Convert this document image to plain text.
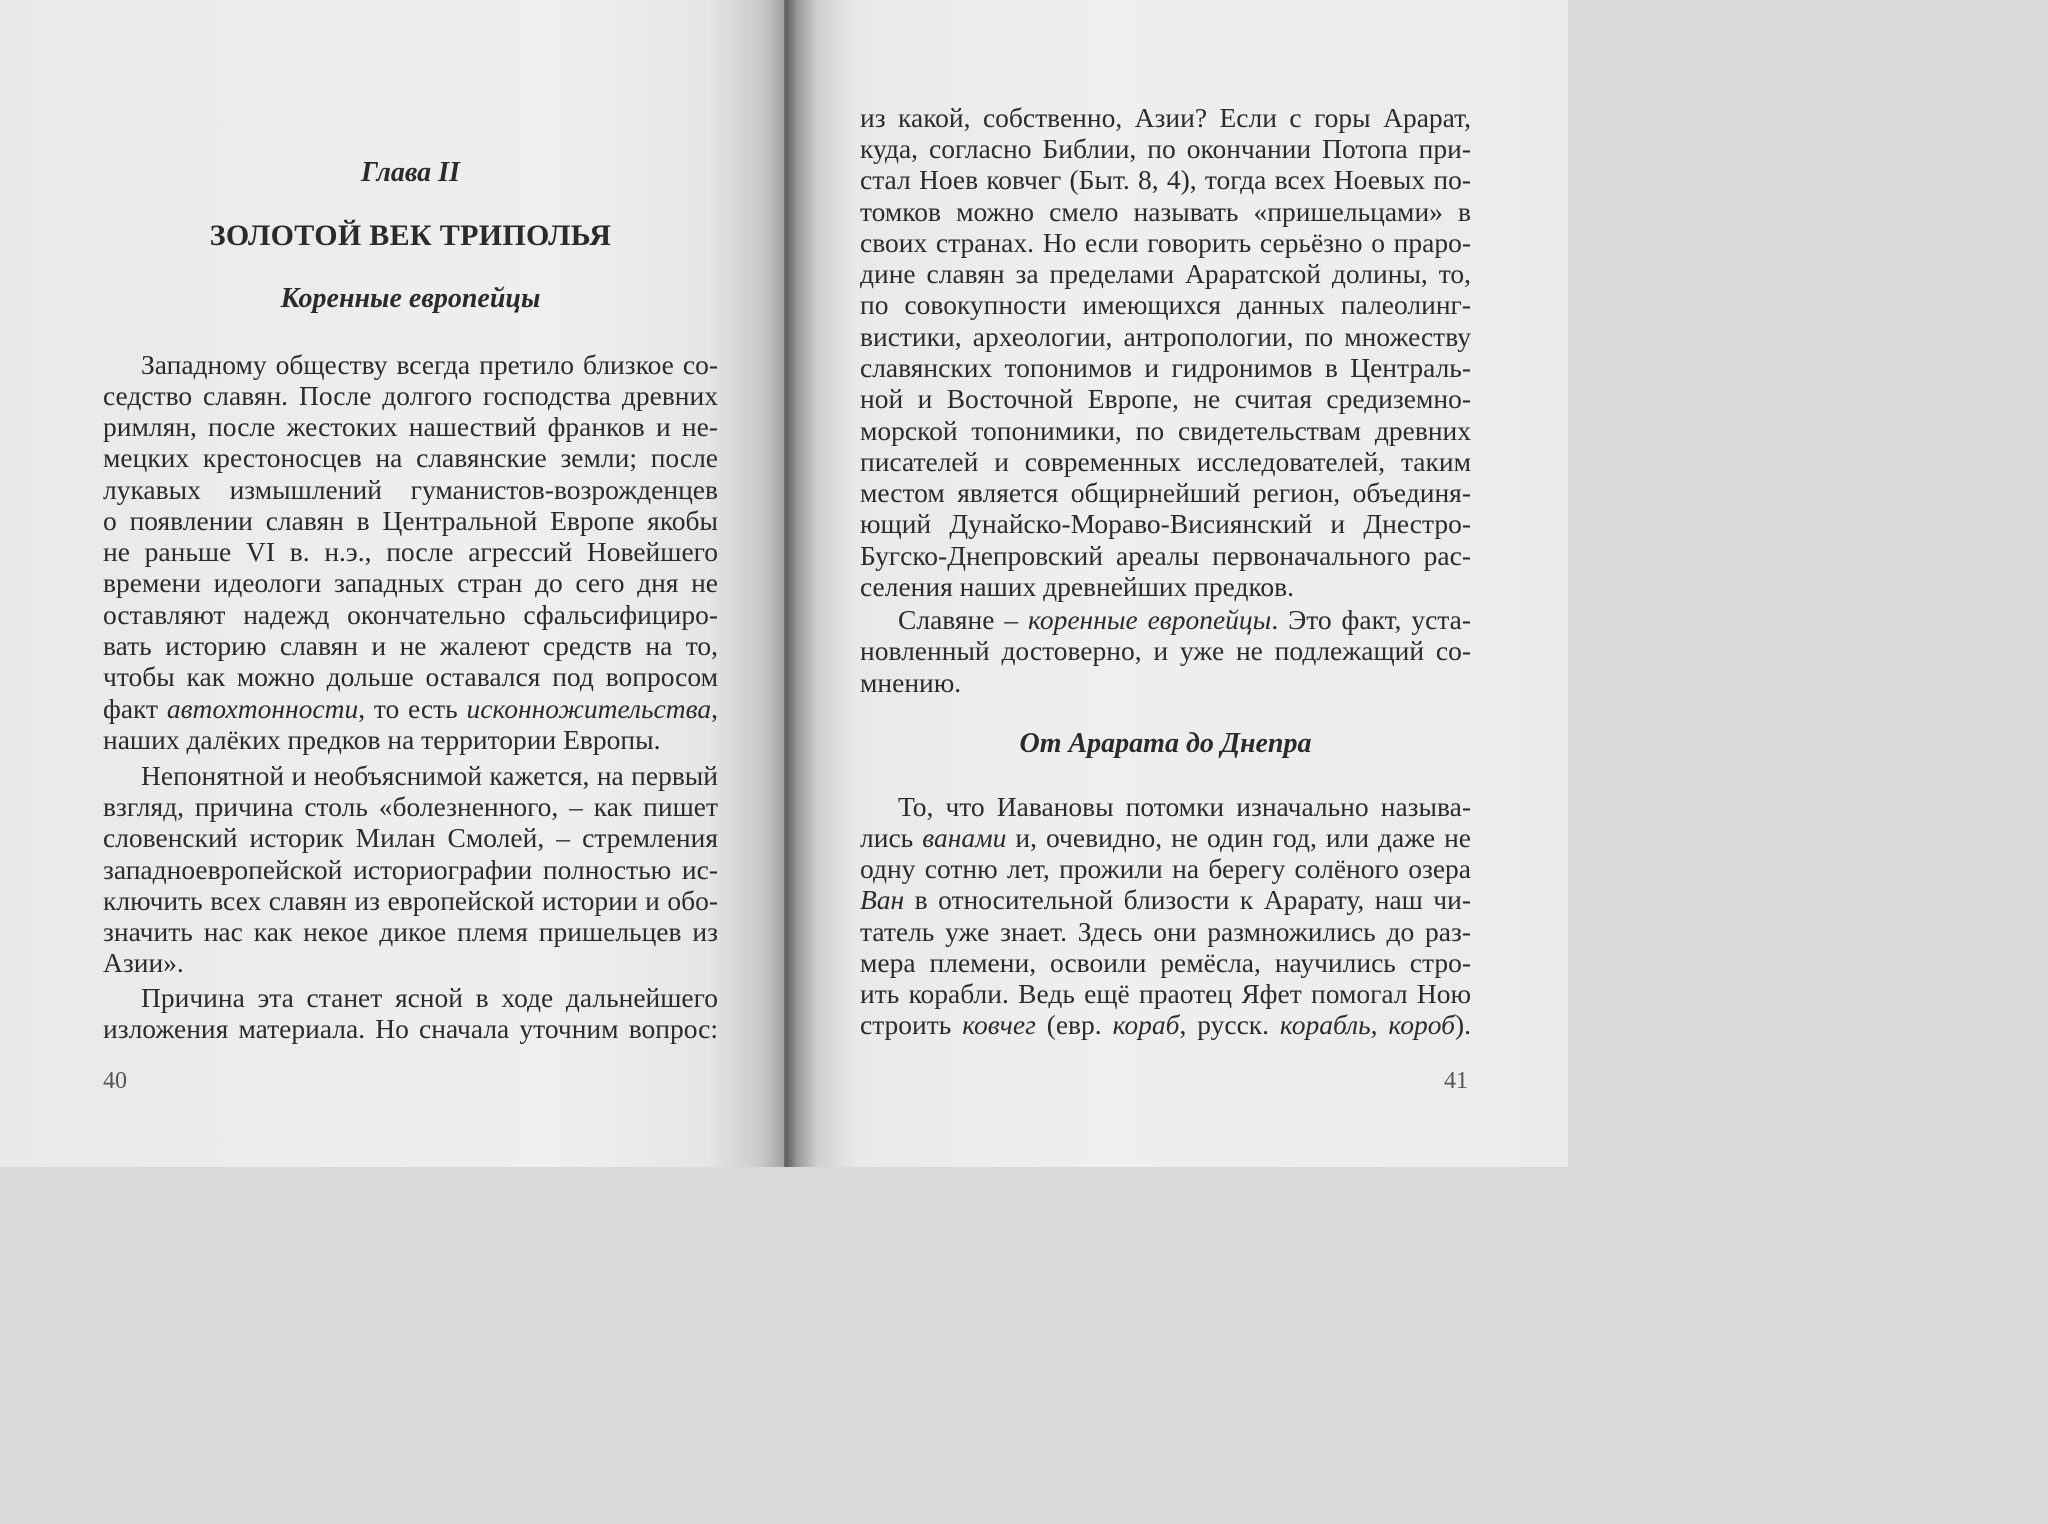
Глава II
ЗОЛОТОЙ ВЕК ТРИПОЛЬЯ
Коренные европейцы
Западному обществу всегда претило близкое со-
седство славян. После долгого господства древних
римлян, после жестоких нашествий франков и не-
мецких крестоносцев на славянские земли; после
лукавых измышлений гуманистов-возрожденцев
о появлении славян в Центральной Европе якобы
не раньше VI в. н.э., после агрессий Новейшего
времени идеологи западных стран до сего дня не
оставляют надежд окончательно сфальсифициро-
вать историю славян и не жалеют средств на то,
чтобы как можно дольше оставался под вопросом
факт автохтонности, то есть исконножительства,
наших далёких предков на территории Европы.
Непонятной и необъяснимой кажется, на первый
взгляд, причина столь «болезненного, – как пишет
словенский историк Милан Смолей, – стремления
западноевропейской историографии полностью ис-
ключить всех славян из европейской истории и обо-
значить нас как некое дикое племя пришельцев из
Азии».
Причина эта станет ясной в ходе дальнейшего
изложения материала. Но сначала уточним вопрос:
40
из какой, собственно, Азии? Если с горы Арарат,
куда, согласно Библии, по окончании Потопа при-
стал Ноев ковчег (Быт. 8, 4), тогда всех Ноевых по-
томков можно смело называть «пришельцами» в
своих странах. Но если говорить серьёзно о праро-
дине славян за пределами Араратской долины, то,
по совокупности имеющихся данных палеолинг-
вистики, археологии, антропологии, по множеству
славянских топонимов и гидронимов в Централь-
ной и Восточной Европе, не считая средиземно-
морской топонимики, по свидетельствам древних
писателей и современных исследователей, таким
местом является общирнейший регион, объединя-
ющий Дунайско-Мораво-Висиянский и Днестро-
Бугско-Днепровский ареалы первоначального рас-
селения наших древнейших предков.
Славяне – коренные европейцы. Это факт, уста-
новленный достоверно, и уже не подлежащий со-
мнению.
От Арарата до Днепра
То, что Иавановы потомки изначально называ-
лись ванами и, очевидно, не один год, или даже не
одну сотню лет, прожили на берегу солёного озера
Ван в относительной близости к Арарату, наш чи-
татель уже знает. Здесь они размножились до раз-
мера племени, освоили ремёсла, научились стро-
ить корабли. Ведь ещё праотец Яфет помогал Ною
строить ковчег (евр. кораб, русск. корабль, короб).
41
